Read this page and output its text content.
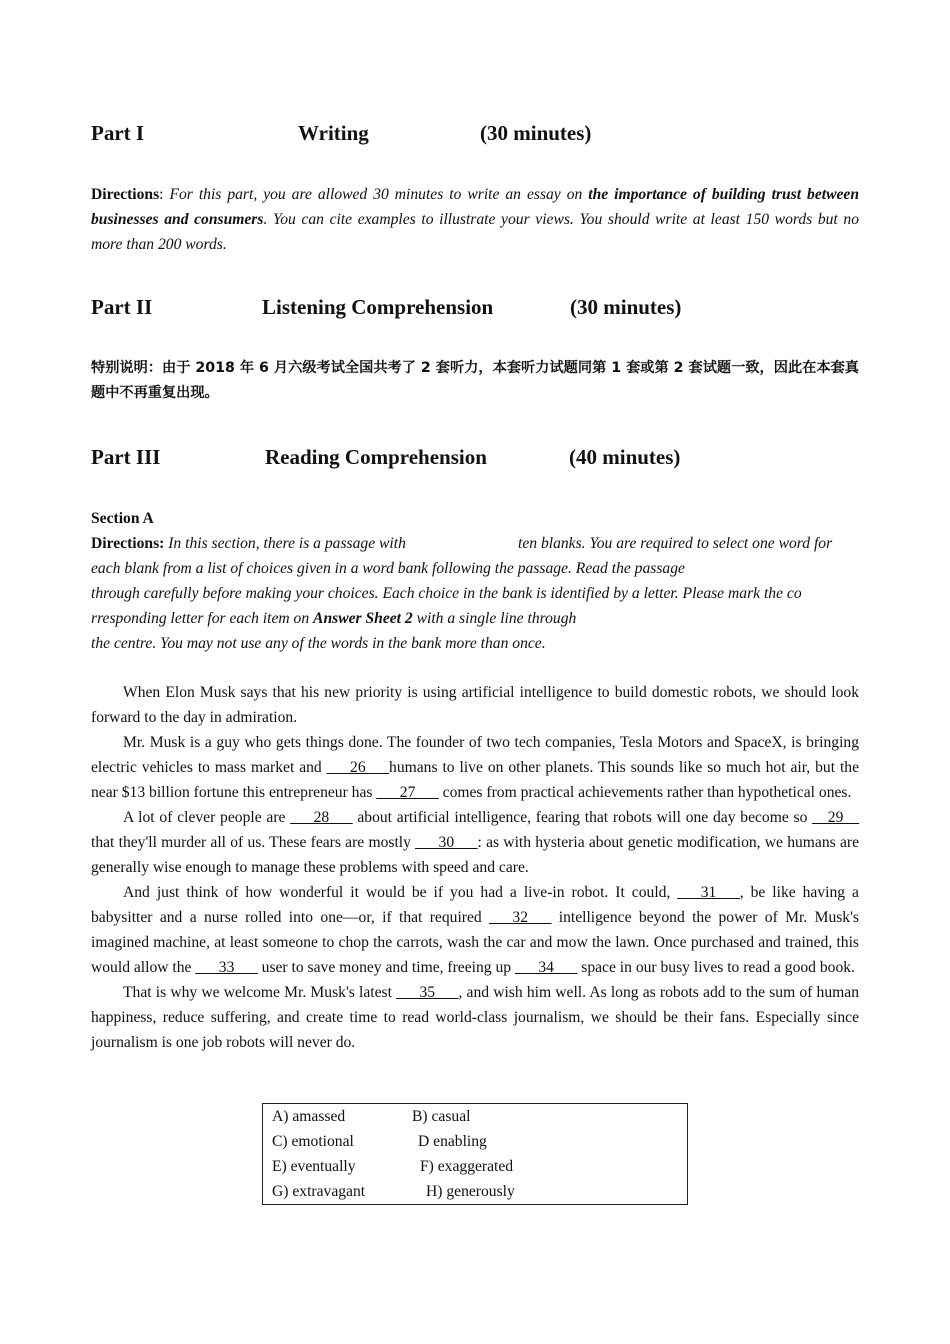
Part I	Writing	(30 minutes)
Directions: For this part, you are allowed 30 minutes to write an essay on the importance of building trust between businesses and consumers. You can cite examples to illustrate your views. You should write at least 150 words but no more than 200 words.
Part II	Listening Comprehension	(30 minutes)
特别说明：由于 2018 年 6 月六级考试全国共考了 2 套听力，本套听力试题同第 1 套或第 2 套试题一致，因此在本套真题中不再重复出现。
Part III	Reading Comprehension	(40 minutes)
Section A
Directions: In this section, there is a passage with	ten blanks. You are required to select one word for
each blank from a list of choices given in a word bank following the passage. Read the passage
through carefully before making your choices. Each choice in the bank is identified by a letter. Please mark the co
rresponding letter for each item on Answer Sheet 2 with a single line through
the centre. You may not use any of the words in the bank more than once.
When Elon Musk says that his new priority is using artificial intelligence to build domestic robots, we should look forward to the day in admiration.
Mr. Musk is a guy who gets things done. The founder of two tech companies, Tesla Motors and SpaceX, is bringing electric vehicles to mass market and ___26___humans to live on other planets. This sounds like so much hot air, but the near $13 billion fortune this entrepreneur has ___27___ comes from practical achievements rather than hypothetical ones.
A lot of clever people are ___28___ about artificial intelligence, fearing that robots will one day become so __29__ that they'll murder all of us. These fears are mostly ___30___: as with hysteria about genetic modification, we humans are generally wise enough to manage these problems with speed and care.
And just think of how wonderful it would be if you had a live-in robot. It could, ___31___, be like having a babysitter and a nurse rolled into one—or, if that required ___32___ intelligence beyond the power of Mr. Musk's imagined machine, at least someone to chop the carrots, wash the car and mow the lawn. Once purchased and trained, this would allow the ___33___ user to save money and time, freeing up ___34___ space in our busy lives to read a good book.
That is why we welcome Mr. Musk's latest ___35___, and wish him well. As long as robots add to the sum of human happiness, reduce suffering, and create time to read world-class journalism, we should be their fans. Especially since journalism is one job robots will never do.
A) amassed	B) casual
C) emotional	D enabling
E) eventually	F) exaggerated
G) extravagant	H) generously
